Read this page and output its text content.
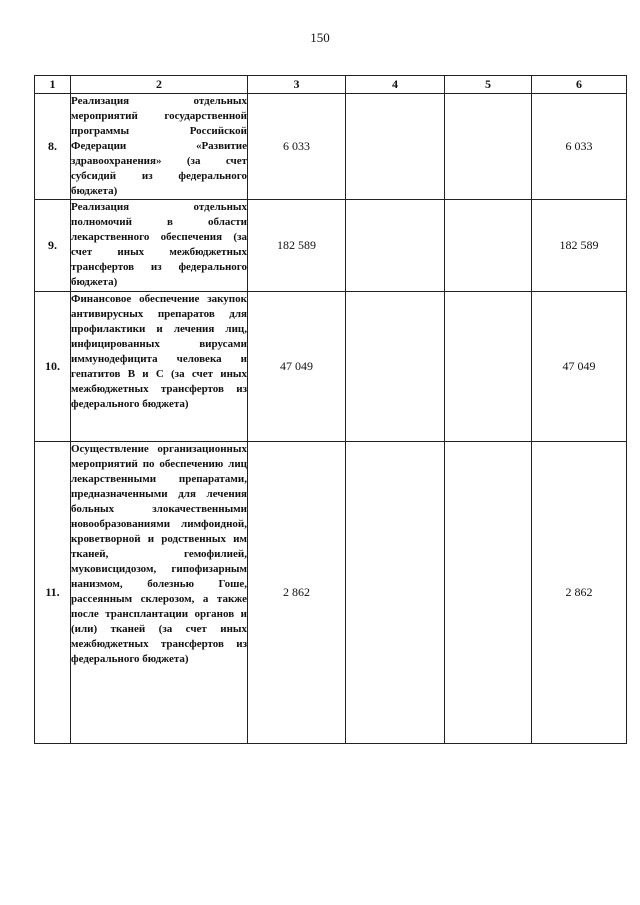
150
1	2	3	4	5	6
8.	Реализация отдельных мероприятий государственной программы Российской Федерации «Развитие здравоохранения» (за счет субсидий из федерального бюджета)	6 033			6 033
9.	Реализация отдельных полномочий в области лекарственного обеспечения (за счет иных межбюджетных трансфертов из федерального бюджета)	182 589			182 589
10.	Финансовое обеспечение закупок антивирусных препаратов для профилактики и лечения лиц, инфицированных вирусами иммунодефицита человека и гепатитов В и С (за счет иных межбюджетных трансфертов из федерального бюджета)	47 049			47 049
11.	Осуществление организационных мероприятий по обеспечению лиц лекарственными препаратами, предназначенными для лечения больных злокачественными новообразованиями лимфоидной, кроветворной и родственных им тканей, гемофилией, муковисцидозом, гипофизарным нанизмом, болезнью Гоше, рассеянным склерозом, а также после трансплантации органов и (или) тканей (за счет иных межбюджетных трансфертов из федерального бюджета)	2 862			2 862
